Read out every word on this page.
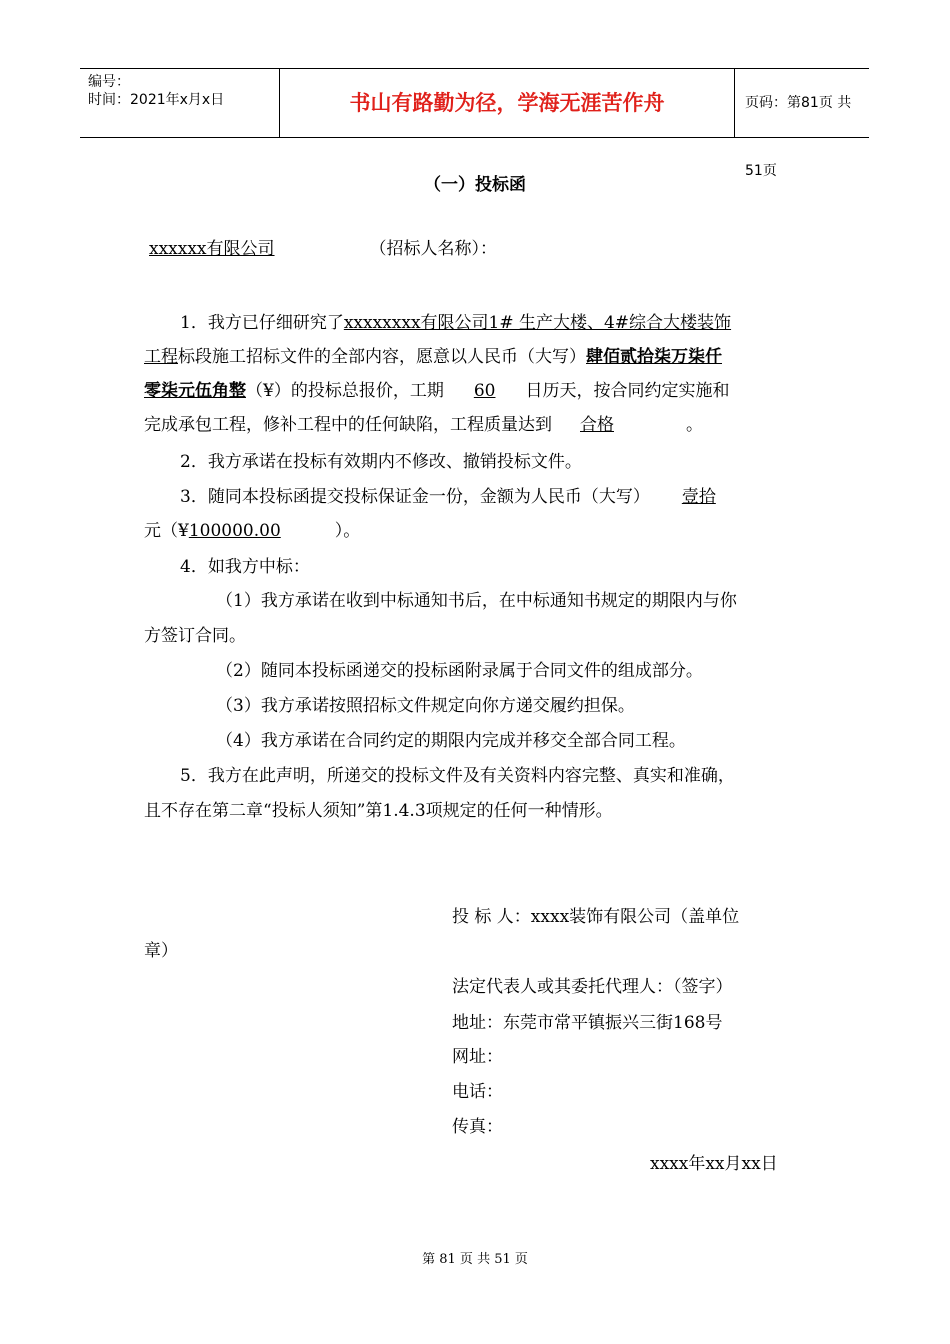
编号：
时间：2021年x月x日	书山有路勤为径，学海无涯苦作舟	页码：第81页 共51页
（一）投标函
xxxxxx有限公司	（招标人名称）：
1．我方已仔细研究了xxxxxxxx有限公司1# 生产大楼、4#综合大楼装饰
工程标段施工招标文件的全部内容，愿意以人民币（大写）肆佰贰拾柒万柒仟
零柒元伍角整（¥）的投标总报价，工期 60 日历天，按合同约定实施和
完成承包工程，修补工程中的任何缺陷，工程质量达到 合格	。
2．我方承诺在投标有效期内不修改、撤销投标文件。
3．随同本投标函提交投标保证金一份，金额为人民币（大写） 壹拾
元（¥100000.00	）。
4．如我方中标：
（1）我方承诺在收到中标通知书后，在中标通知书规定的期限内与你
方签订合同。
（2）随同本投标函递交的投标函附录属于合同文件的组成部分。
（3）我方承诺按照招标文件规定向你方递交履约担保。
（4）我方承诺在合同约定的期限内完成并移交全部合同工程。
5．我方在此声明，所递交的投标文件及有关资料内容完整、真实和准确，
且不存在第二章“投标人须知”第1.4.3项规定的任何一种情形。
投 标 人：xxxx装饰有限公司（盖单位
章）
法定代表人或其委托代理人：（签字）
地址：东莞市常平镇振兴三街168号
网址：
电话：
传真：
xxxx年xx月xx日
第 81 页 共 51 页
